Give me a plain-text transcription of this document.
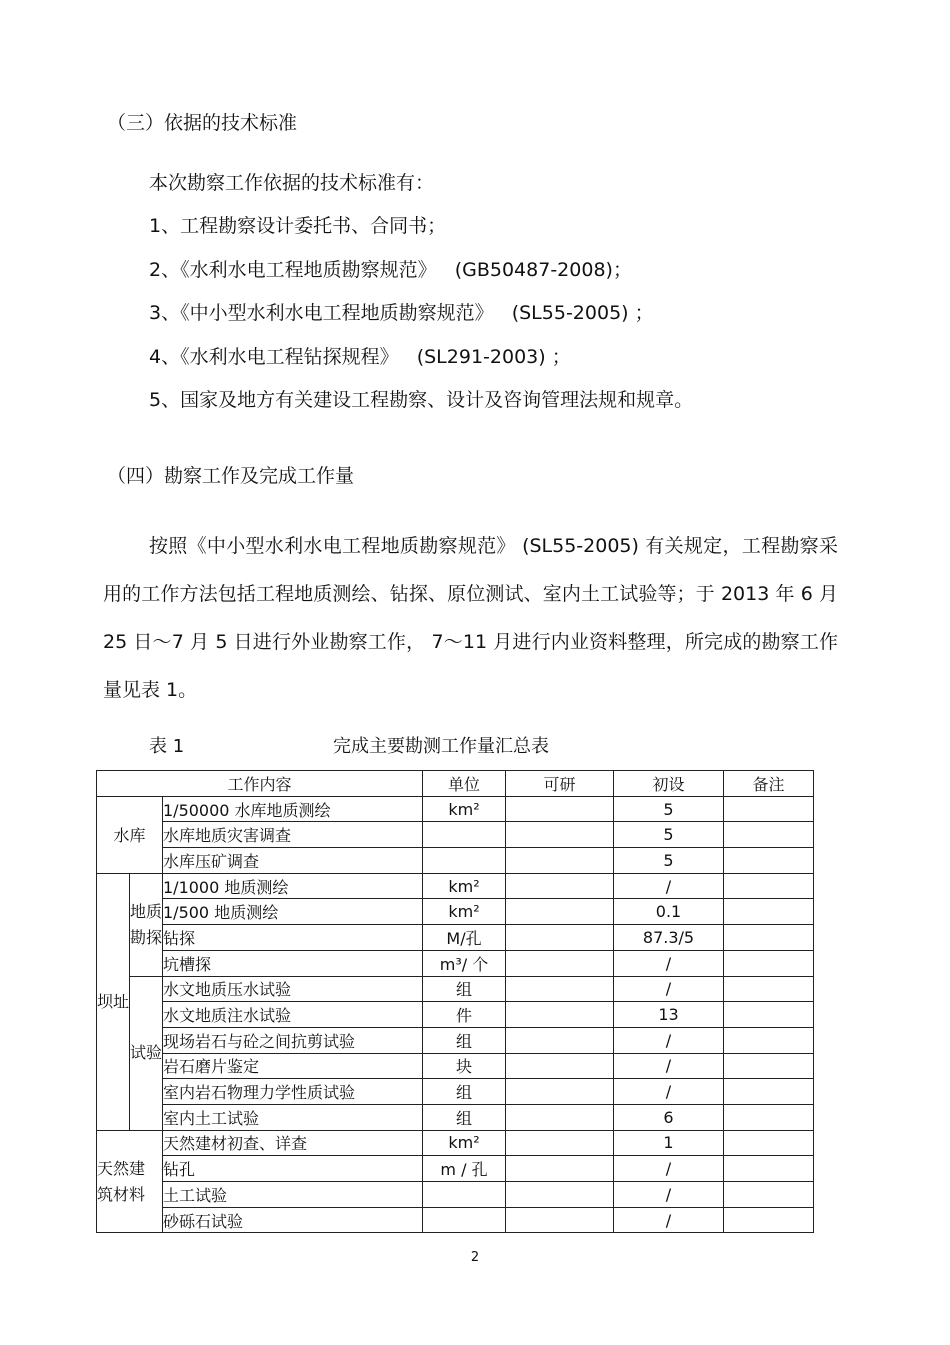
（三）依据的技术标准
本次勘察工作依据的技术标准有：
1、工程勘察设计委托书、合同书；
2、《水利水电工程地质勘察规范》   (GB50487-2008)；
3、《中小型水利水电工程地质勘察规范》   (SL55-2005) ；
4、《水利水电工程钻探规程》   (SL291-2003) ；
5、国家及地方有关建设工程勘察、设计及咨询管理法规和规章。
（四）勘察工作及完成工作量
按照《中小型水利水电工程地质勘察规范》 (SL55-2005) 有关规定，工程勘察采用的工作方法包括工程地质测绘、钻探、原位测试、室内土工试验等；于 2013 年 6 月 25 日～7 月 5 日进行外业勘察工作， 7～11 月进行内业资料整理，所完成的勘察工作量见表 1。
表 1	完成主要勘测工作量汇总表
工作内容			单位	可研	初设	备注
水库		1/50000 水库地质测绘	km²		5	
		水库地质灾害调查			5	
		水库压矿调查			5	
坝址	地质勘探	1/1000 地质测绘	km²		/	
		1/500 地质测绘	km²		0.1	
		钻探	M/孔		87.3/5	
		坑槽探	m³/ 个		/	
	试验	水文地质压水试验	组		/	
		水文地质注水试验	件		13	
		现场岩石与砼之间抗剪试验	组		/	
		岩石磨片鉴定	块		/	
		室内岩石物理力学性质试验	组		/	
		室内土工试验	组		6	
天然建筑材料		天然建材初查、详查	km²		1	
		钻孔	m / 孔		/	
		土工试验			/	
		砂砾石试验			/	
2
